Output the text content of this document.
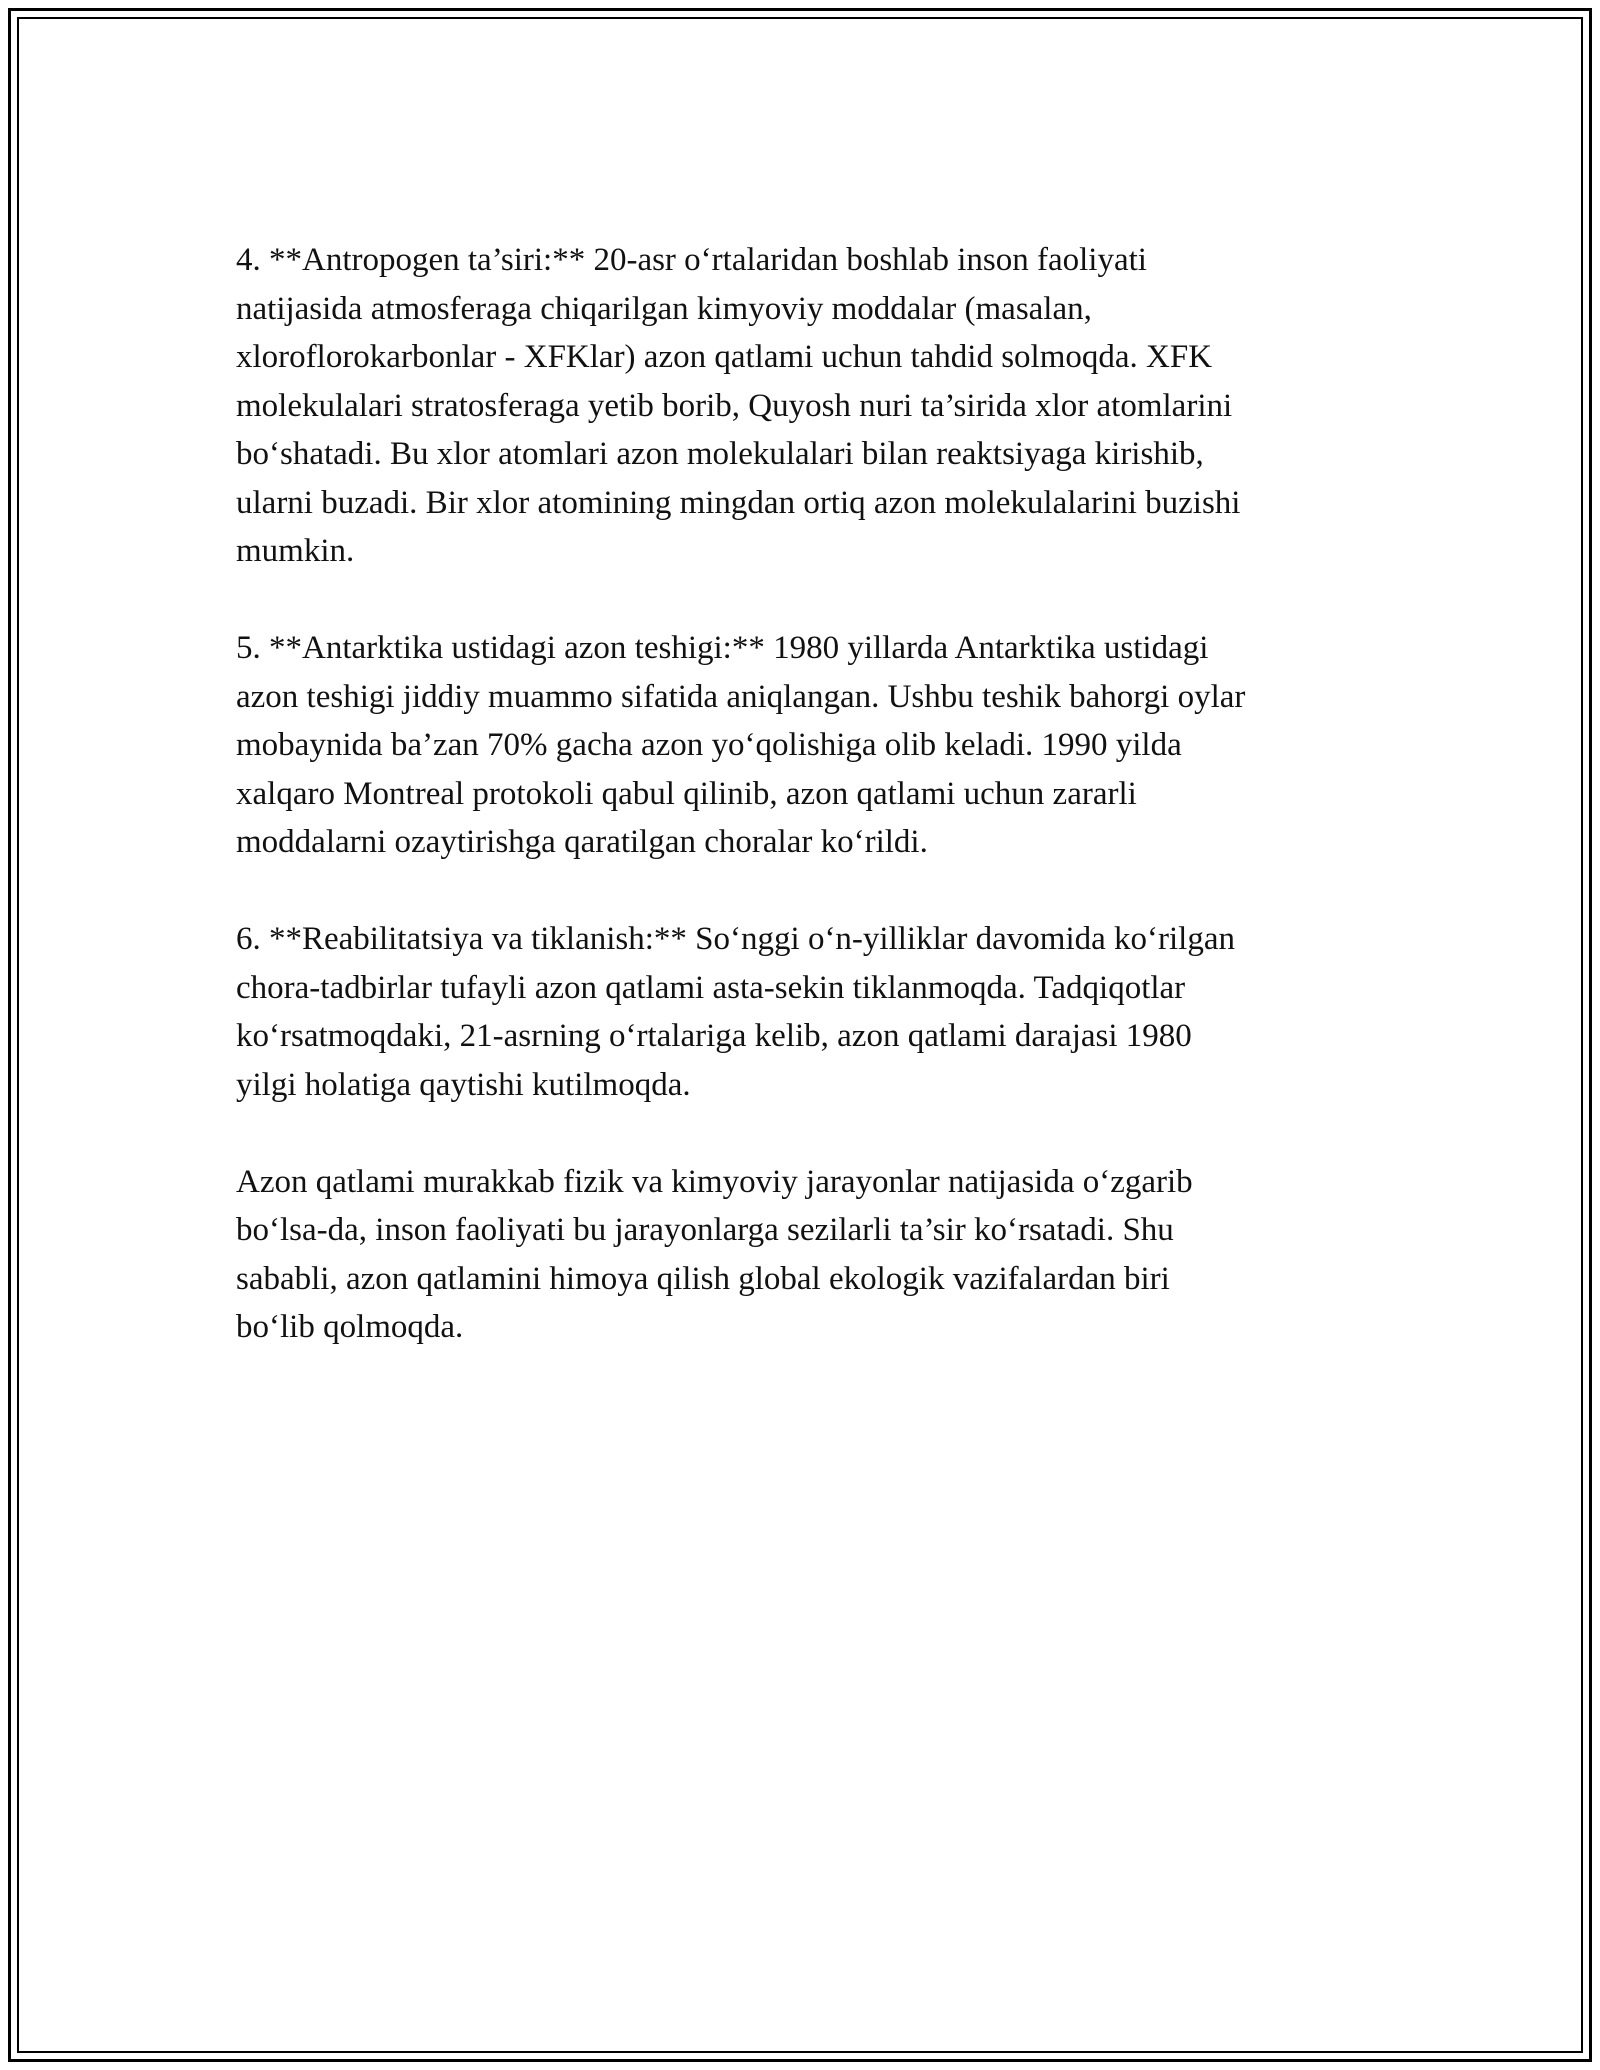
4. **Antropogen ta’siri:** 20-asr o‘rtalaridan boshlab inson faoliyati
natijasida atmosferaga chiqarilgan kimyoviy moddalar (masalan,
xloroflorokarbonlar - XFKlar) azon qatlami uchun tahdid solmoqda. XFK
molekulalari stratosferaga yetib borib, Quyosh nuri ta’sirida xlor atomlarini
bo‘shatadi. Bu xlor atomlari azon molekulalari bilan reaktsiyaga kirishib,
ularni buzadi. Bir xlor atomining mingdan ortiq azon molekulalarini buzishi
mumkin.

5. **Antarktika ustidagi azon teshigi:** 1980 yillarda Antarktika ustidagi
azon teshigi jiddiy muammo sifatida aniqlangan. Ushbu teshik bahorgi oylar
mobaynida ba’zan 70% gacha azon yo‘qolishiga olib keladi. 1990 yilda
xalqaro Montreal protokoli qabul qilinib, azon qatlami uchun zararli
moddalarni ozaytirishga qaratilgan choralar ko‘rildi.

6. **Reabilitatsiya va tiklanish:** So‘nggi o‘n-yilliklar davomida ko‘rilgan
chora-tadbirlar tufayli azon qatlami asta-sekin tiklanmoqda. Tadqiqotlar
ko‘rsatmoqdaki, 21-asrning o‘rtalariga kelib, azon qatlami darajasi 1980
yilgi holatiga qaytishi kutilmoqda.

Azon qatlami murakkab fizik va kimyoviy jarayonlar natijasida o‘zgarib
bo‘lsa-da, inson faoliyati bu jarayonlarga sezilarli ta’sir ko‘rsatadi. Shu
sababli, azon qatlamini himoya qilish global ekologik vazifalardan biri
bo‘lib qolmoqda.
